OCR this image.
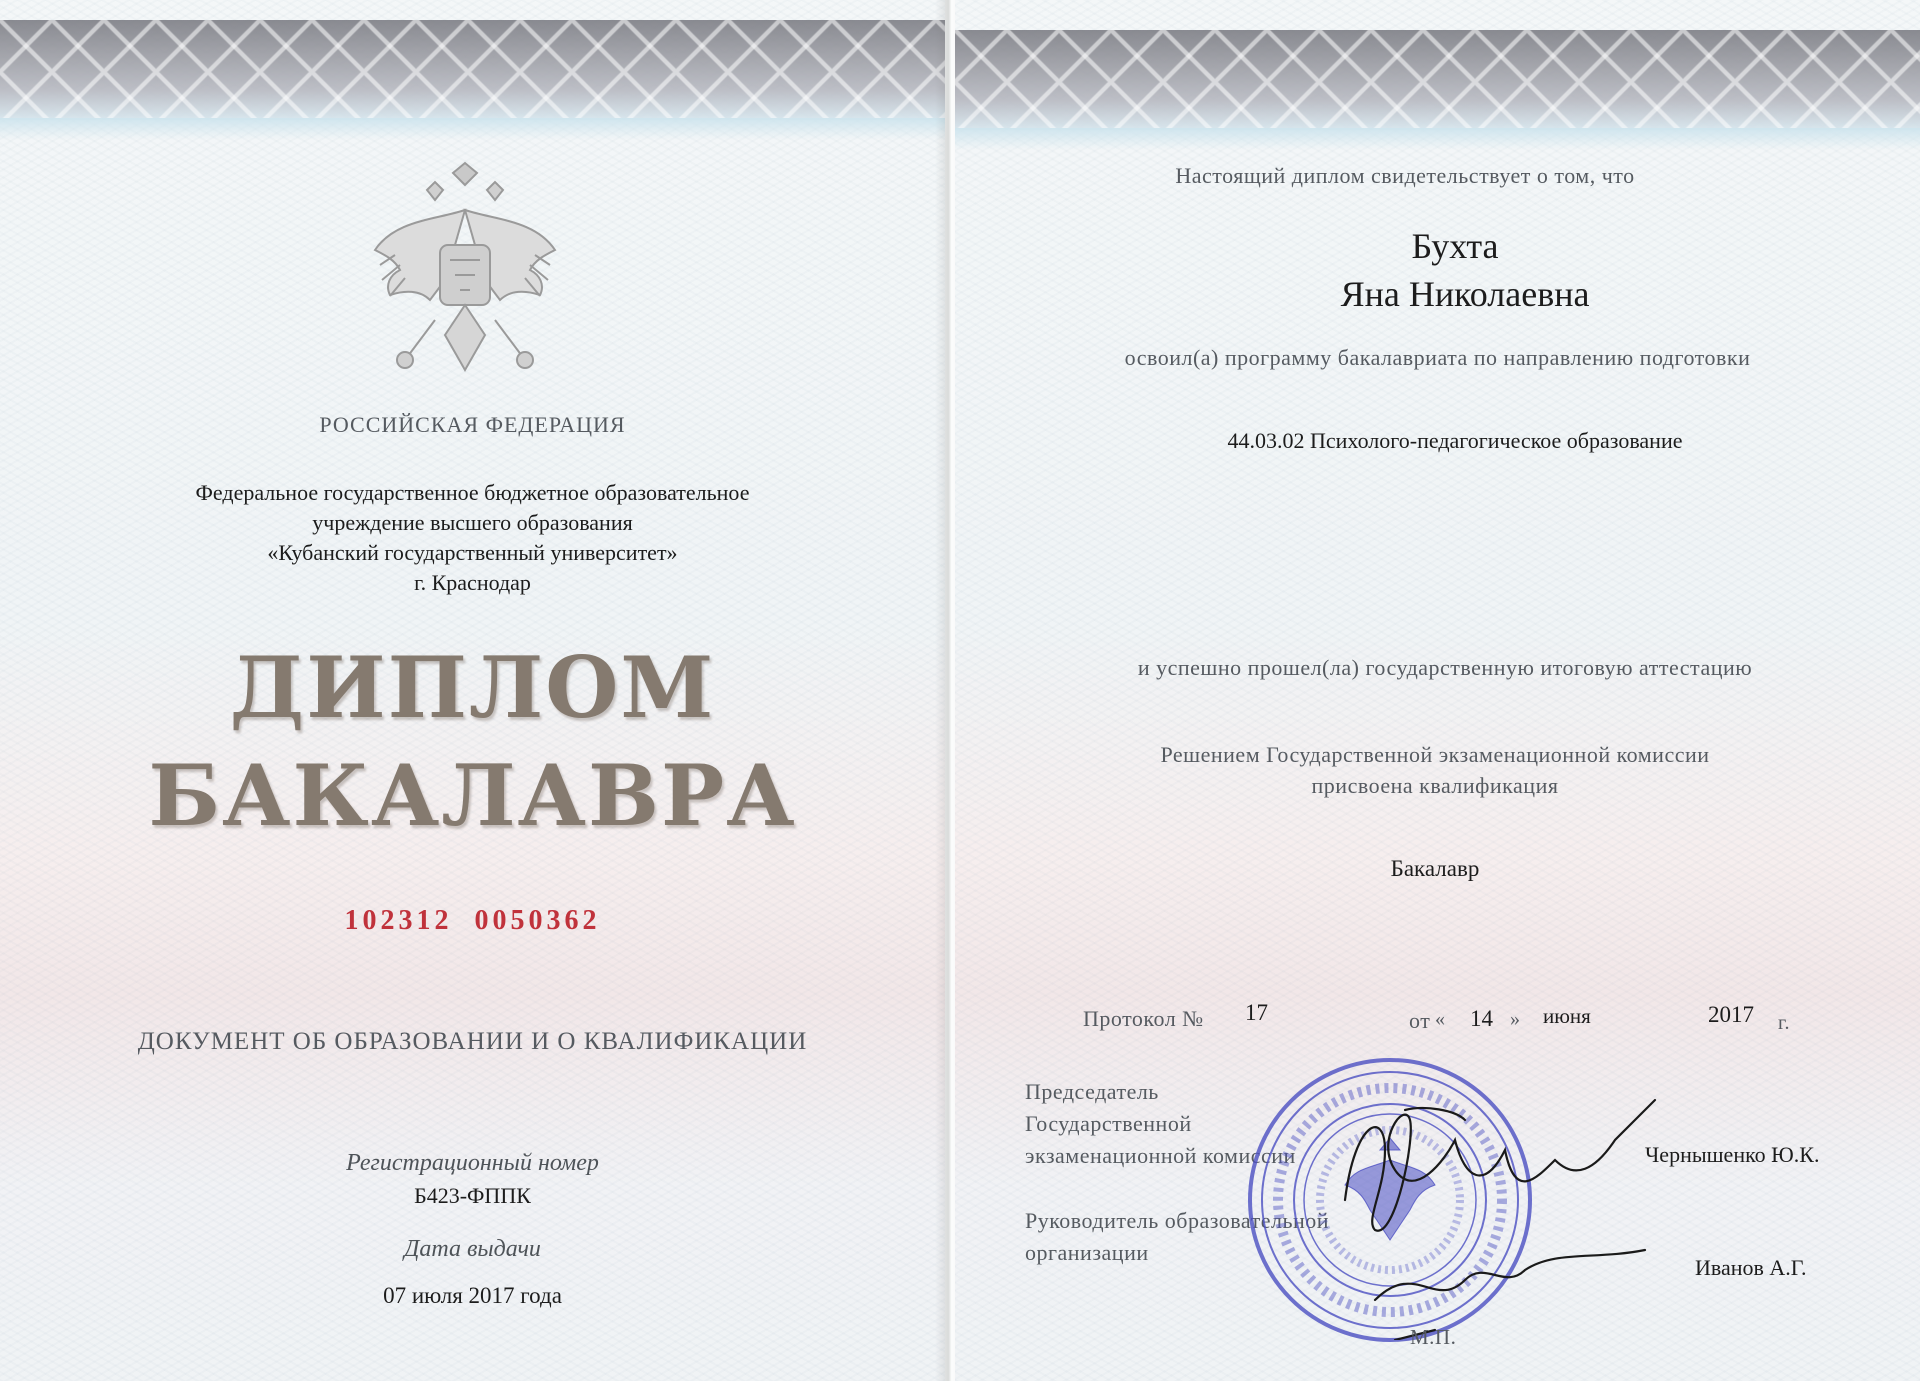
РОССИЙСКАЯ ФЕДЕРАЦИЯ
Федеральное государственное бюджетное образовательное
учреждение высшего образования
«Кубанский государственный университет»
г. Краснодар
ДИПЛОМ
БАКАЛАВРА
102312  0050362
ДОКУМЕНТ ОБ ОБРАЗОВАНИИ И О КВАЛИФИКАЦИИ
Регистрационный номер
Б423-ФППК
Дата выдачи
07 июля 2017 года
Настоящий диплом свидетельствует о том, что
Бухта
Яна Николаевна
освоил(а) программу бакалавриата по направлению подготовки
44.03.02 Психолого-педагогическое образование
и успешно прошел(ла) государственную итоговую аттестацию
Решением Государственной экзаменационной комиссии
присвоена квалификация
Бакалавр
Протокол № 17	от « 14 » июня	2017 г.
Председатель
Государственной
экзаменационной комиссии	Чернышенко Ю.К.
Руководитель образовательной
организации
Иванов А.Г.
М.П.
